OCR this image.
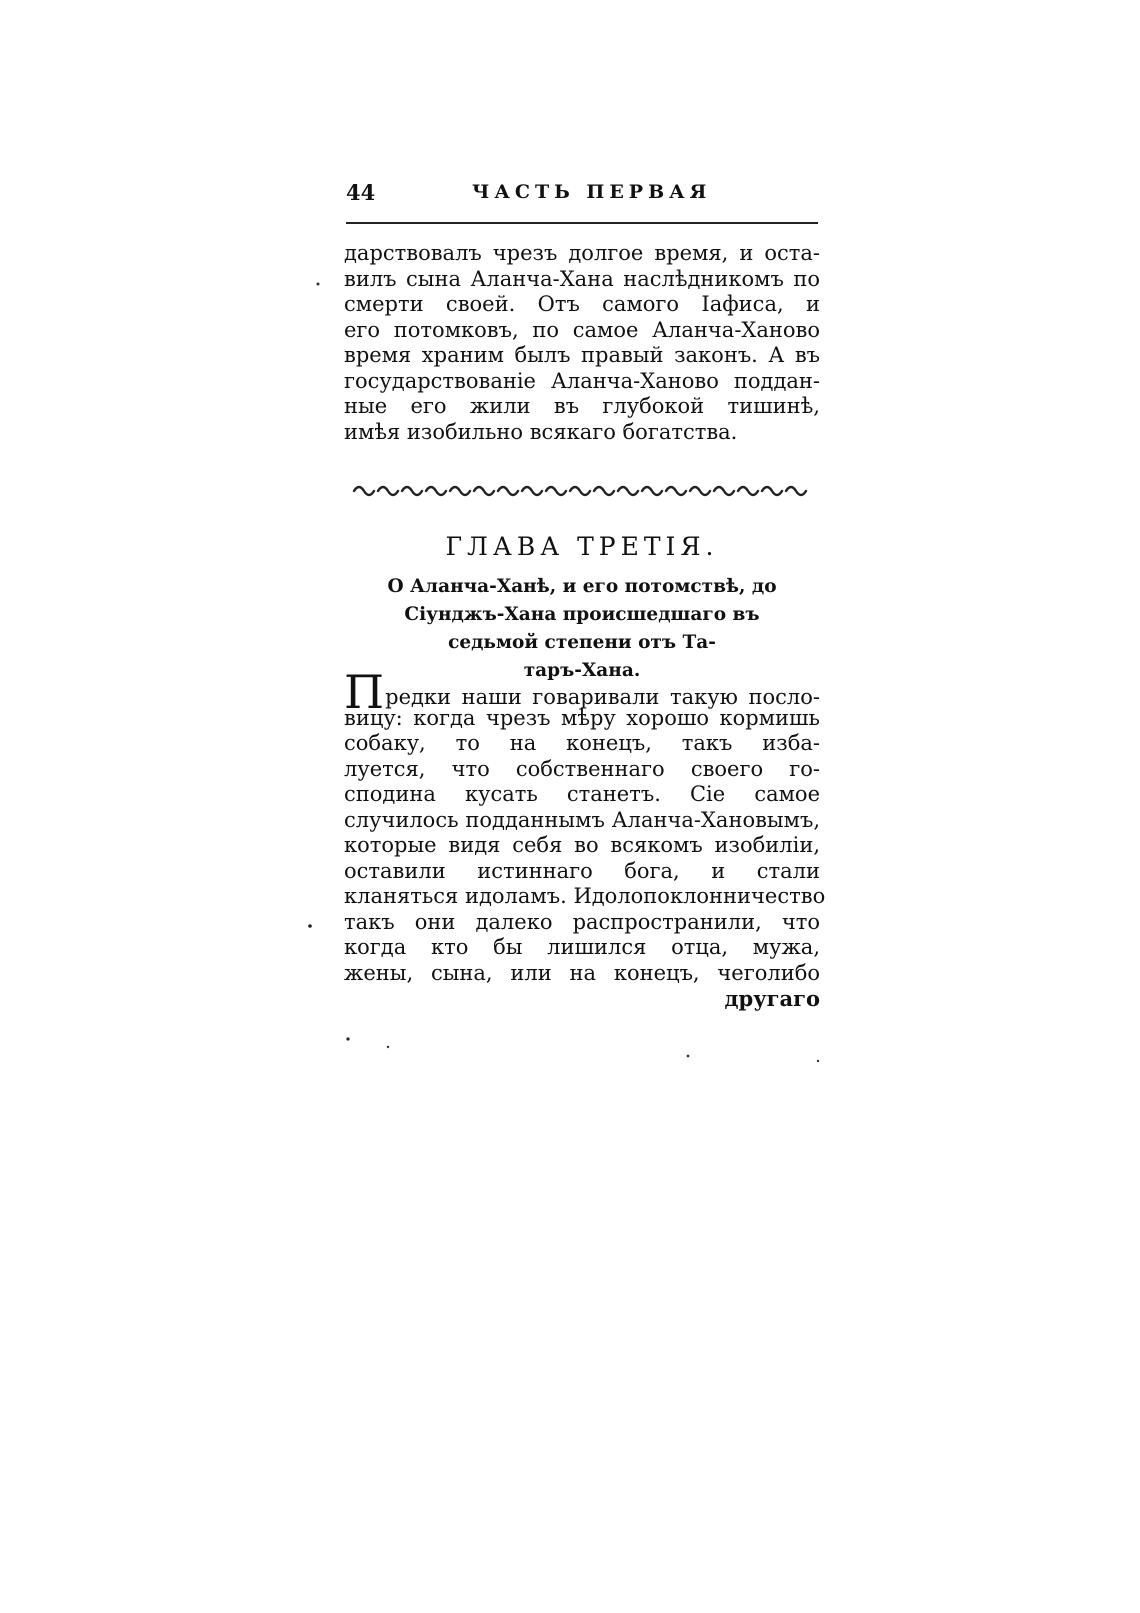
44	ЧАСТЬ ПЕРВАЯ
дарствовалъ чрезъ долгое время, и оста-
вилъ сына Аланча-Хана наслѣдникомъ по
смерти своей. Отъ самого Іафиса, и
его потомковъ, по самое Аланча-Ханово
время храним былъ правый законъ. А въ
государствованіе Аланча-Ханово поддан-
ные его жили въ глубокой тишинѣ,
имѣя изобильно всякаго богатства.
ГЛАВА ТРЕТІЯ.
О Аланча-Ханѣ, и его потомствѣ, до
Сіунджъ-Хана происшедшаго въ
седьмой степени отъ Та-
таръ-Хана.
Предки наши говаривали такую посло-
вицу: когда чрезъ мѣру хорошо кормишь
собаку, то на конецъ, такъ изба-
луется, что собственнаго своего го-
сподина кусать станетъ. Сіе самое
случилось подданнымъ Аланча-Хановымъ,
которые видя себя во всякомъ изобиліи,
оставили истиннаго бога, и стали
кланяться идоламъ. Идолопоклонничество
такъ они далеко распространили, что
когда кто бы лишился отца, мужа,
жены, сына, или на конецъ, чеголибо
другаго
